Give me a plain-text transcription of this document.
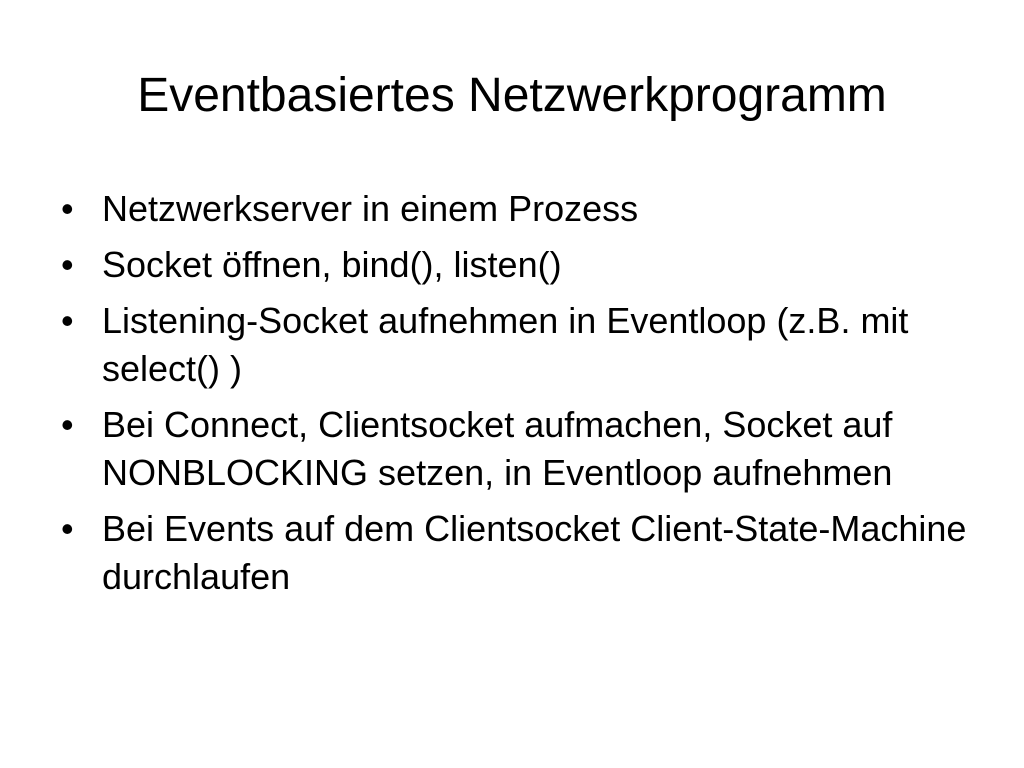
Eventbasiertes Netzwerkprogramm
• Netzwerkserver in einem Prozess
• Socket öffnen, bind(), listen()
• Listening-Socket aufnehmen in Eventloop (z.B. mit select() )
• Bei Connect, Clientsocket aufmachen, Socket auf NONBLOCKING setzen, in Eventloop aufnehmen
• Bei Events auf dem Clientsocket Client-State-Machine durchlaufen
